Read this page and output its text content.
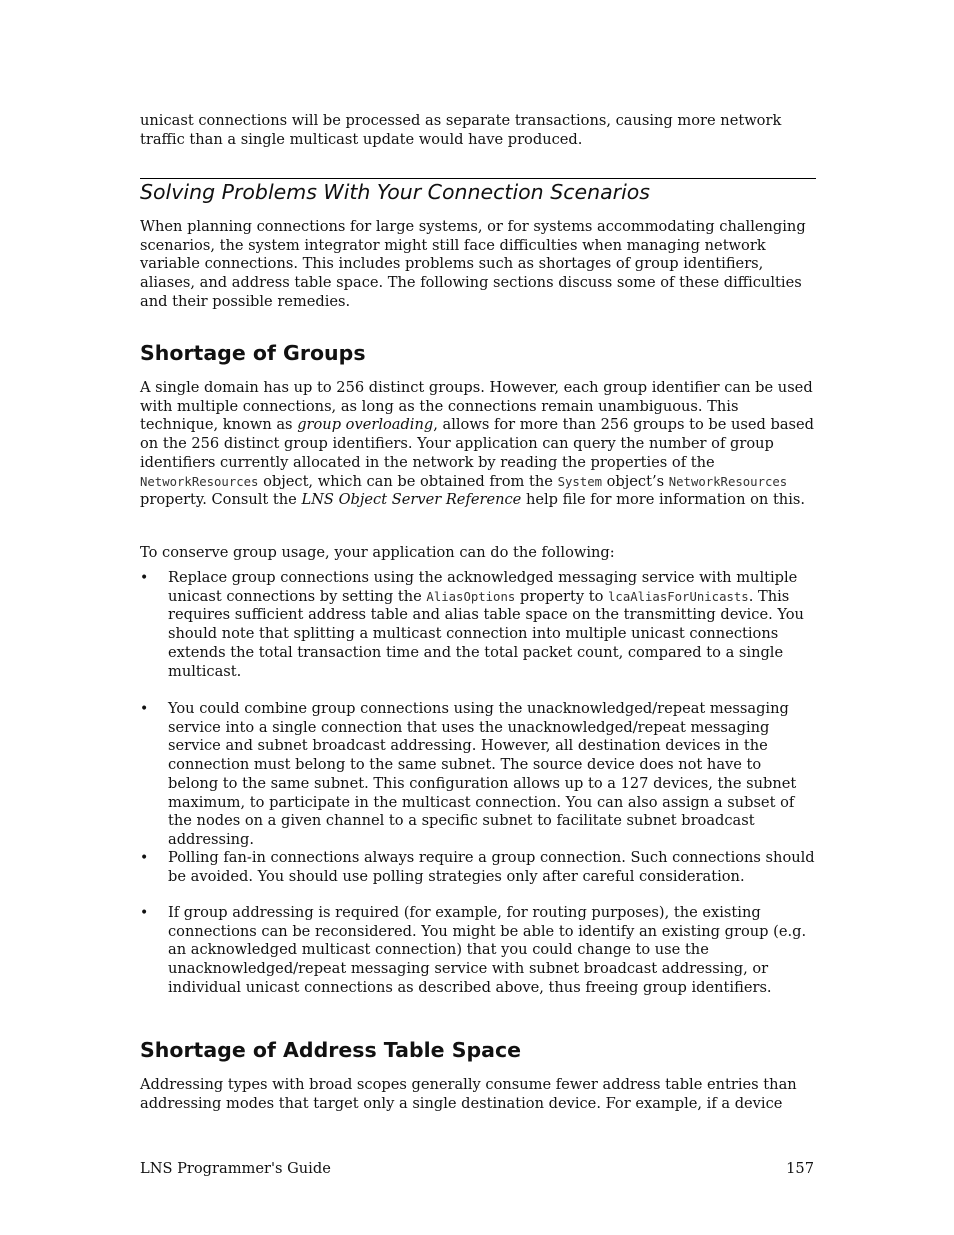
unicast connections will be processed as separate transactions, causing more network traffic than a single multicast update would have produced.

Solving Problems With Your Connection Scenarios

When planning connections for large systems, or for systems accommodating challenging scenarios, the system integrator might still face difficulties when managing network variable connections. This includes problems such as shortages of group identifiers, aliases, and address table space. The following sections discuss some of these difficulties and their possible remedies.

Shortage of Groups

A single domain has up to 256 distinct groups. However, each group identifier can be used with multiple connections, as long as the connections remain unambiguous. This technique, known as group overloading, allows for more than 256 groups to be used based on the 256 distinct group identifiers. Your application can query the number of group identifiers currently allocated in the network by reading the properties of the NetworkResources object, which can be obtained from the System object’s NetworkResources property. Consult the LNS Object Server Reference help file for more information on this.

To conserve group usage, your application can do the following:

• Replace group connections using the acknowledged messaging service with multiple unicast connections by setting the AliasOptions property to lcaAliasForUnicasts. This requires sufficient address table and alias table space on the transmitting device. You should note that splitting a multicast connection into multiple unicast connections extends the total transaction time and the total packet count, compared to a single multicast.

• You could combine group connections using the unacknowledged/repeat messaging service into a single connection that uses the unacknowledged/repeat messaging service and subnet broadcast addressing. However, all destination devices in the connection must belong to the same subnet. The source device does not have to belong to the same subnet. This configuration allows up to a 127 devices, the subnet maximum, to participate in the multicast connection. You can also assign a subset of the nodes on a given channel to a specific subnet to facilitate subnet broadcast addressing.

• Polling fan-in connections always require a group connection. Such connections should be avoided. You should use polling strategies only after careful consideration.

• If group addressing is required (for example, for routing purposes), the existing connections can be reconsidered. You might be able to identify an existing group (e.g. an acknowledged multicast connection) that you could change to use the unacknowledged/repeat messaging service with subnet broadcast addressing, or individual unicast connections as described above, thus freeing group identifiers.

Shortage of Address Table Space

Addressing types with broad scopes generally consume fewer address table entries than addressing modes that target only a single destination device. For example, if a device

LNS Programmer's Guide	157
